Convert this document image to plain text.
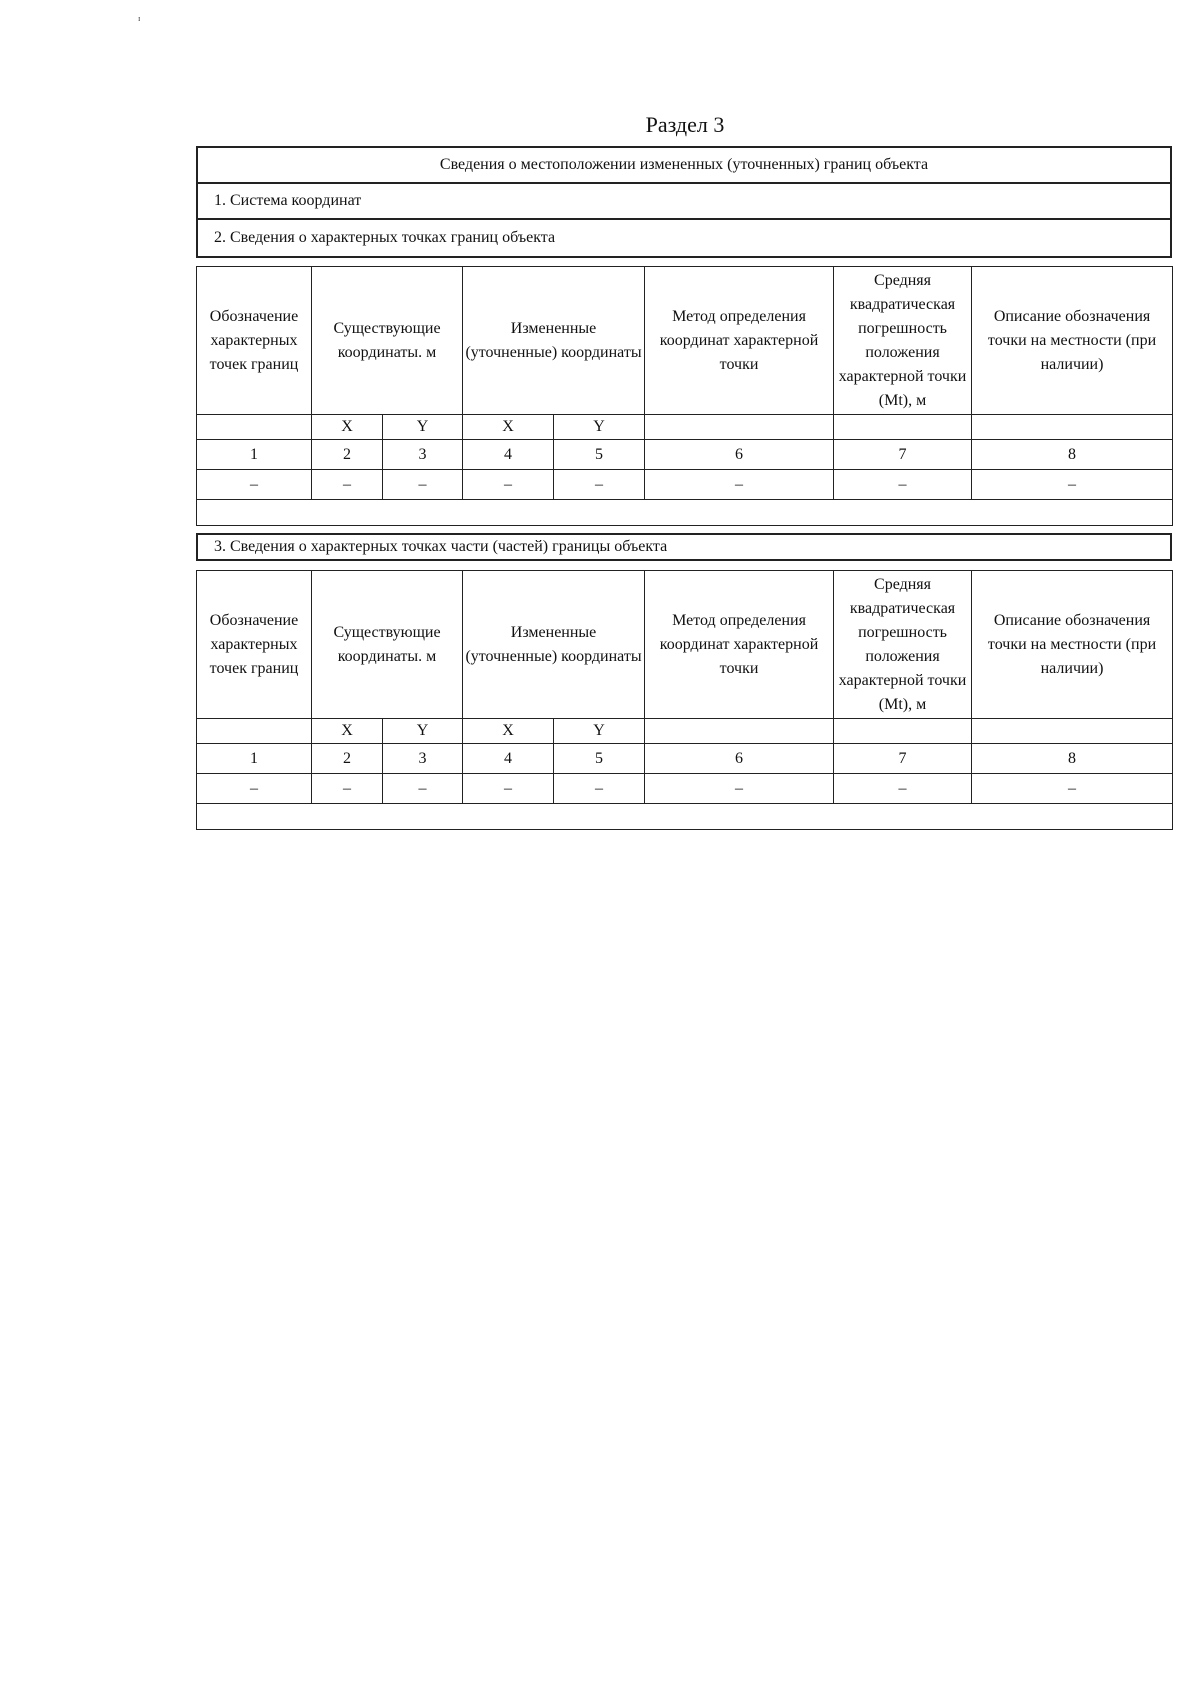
ᶦ
Раздел 3
Сведения о местоположении измененных (уточненных) границ объекта
1. Система координат
2. Сведения о характерных точках границ объекта
Обозначение характерных точек границ	Существующие координаты. м		Измененные (уточненные) координаты		Метод определения координат характерной точки	Средняя квадратическая погрешность положения характерной точки (Mt), м	Описание обозначения точки на местности (при наличии)
	X	Y	X	Y			
1	2	3	4	5	6	7	8
–	–	–	–	–	–	–	–

3. Сведения о характерных точках части (частей) границы объекта
Обозначение характерных точек границ	Существующие координаты. м		Измененные (уточненные) координаты		Метод определения координат характерной точки	Средняя квадратическая погрешность положения характерной точки (Mt), м	Описание обозначения точки на местности (при наличии)
	X	Y	X	Y			
1	2	3	4	5	6	7	8
–	–	–	–	–	–	–	–
